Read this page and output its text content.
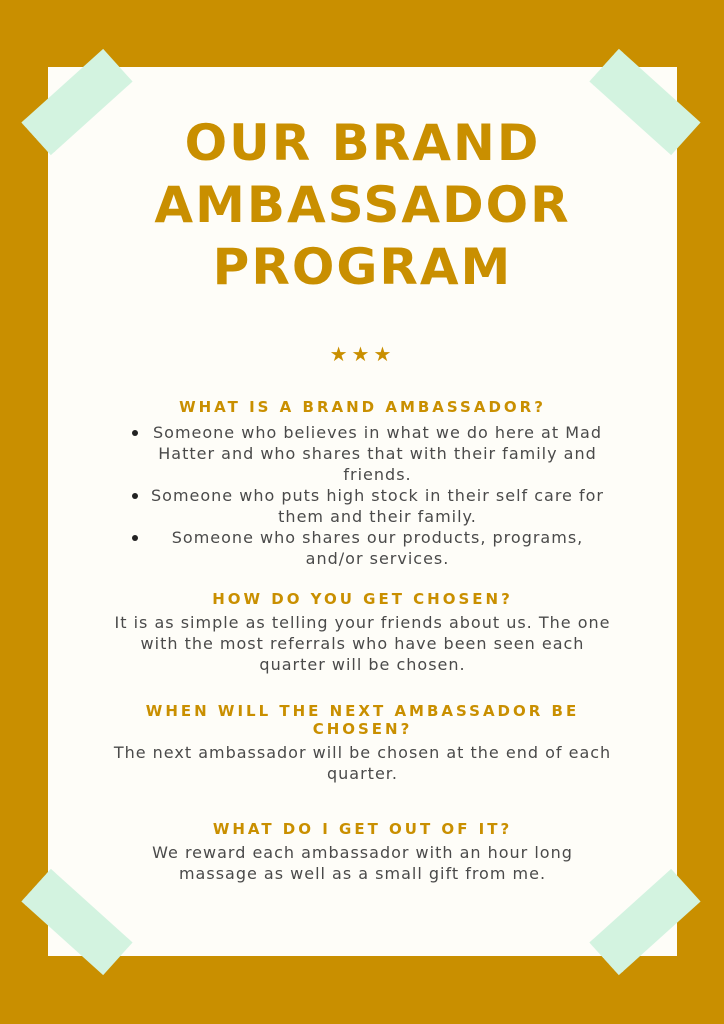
OUR BRAND
AMBASSADOR
PROGRAM
★★★

WHAT IS A BRAND AMBASSADOR?

Someone who believes in what we do here at Mad Hatter and who shares that with their family and friends.
Someone who puts high stock in their self care for them and their family.
Someone who shares our products, programs, and/or services.

HOW DO YOU GET CHOSEN?

It is as simple as telling your friends about us. The one with the most referrals who have been seen each quarter will be chosen.

WHEN WILL THE NEXT AMBASSADOR BE CHOSEN?

The next ambassador will be chosen at the end of each quarter.

WHAT DO I GET OUT OF IT?

We reward each ambassador with an hour long massage as well as a small gift from me.
